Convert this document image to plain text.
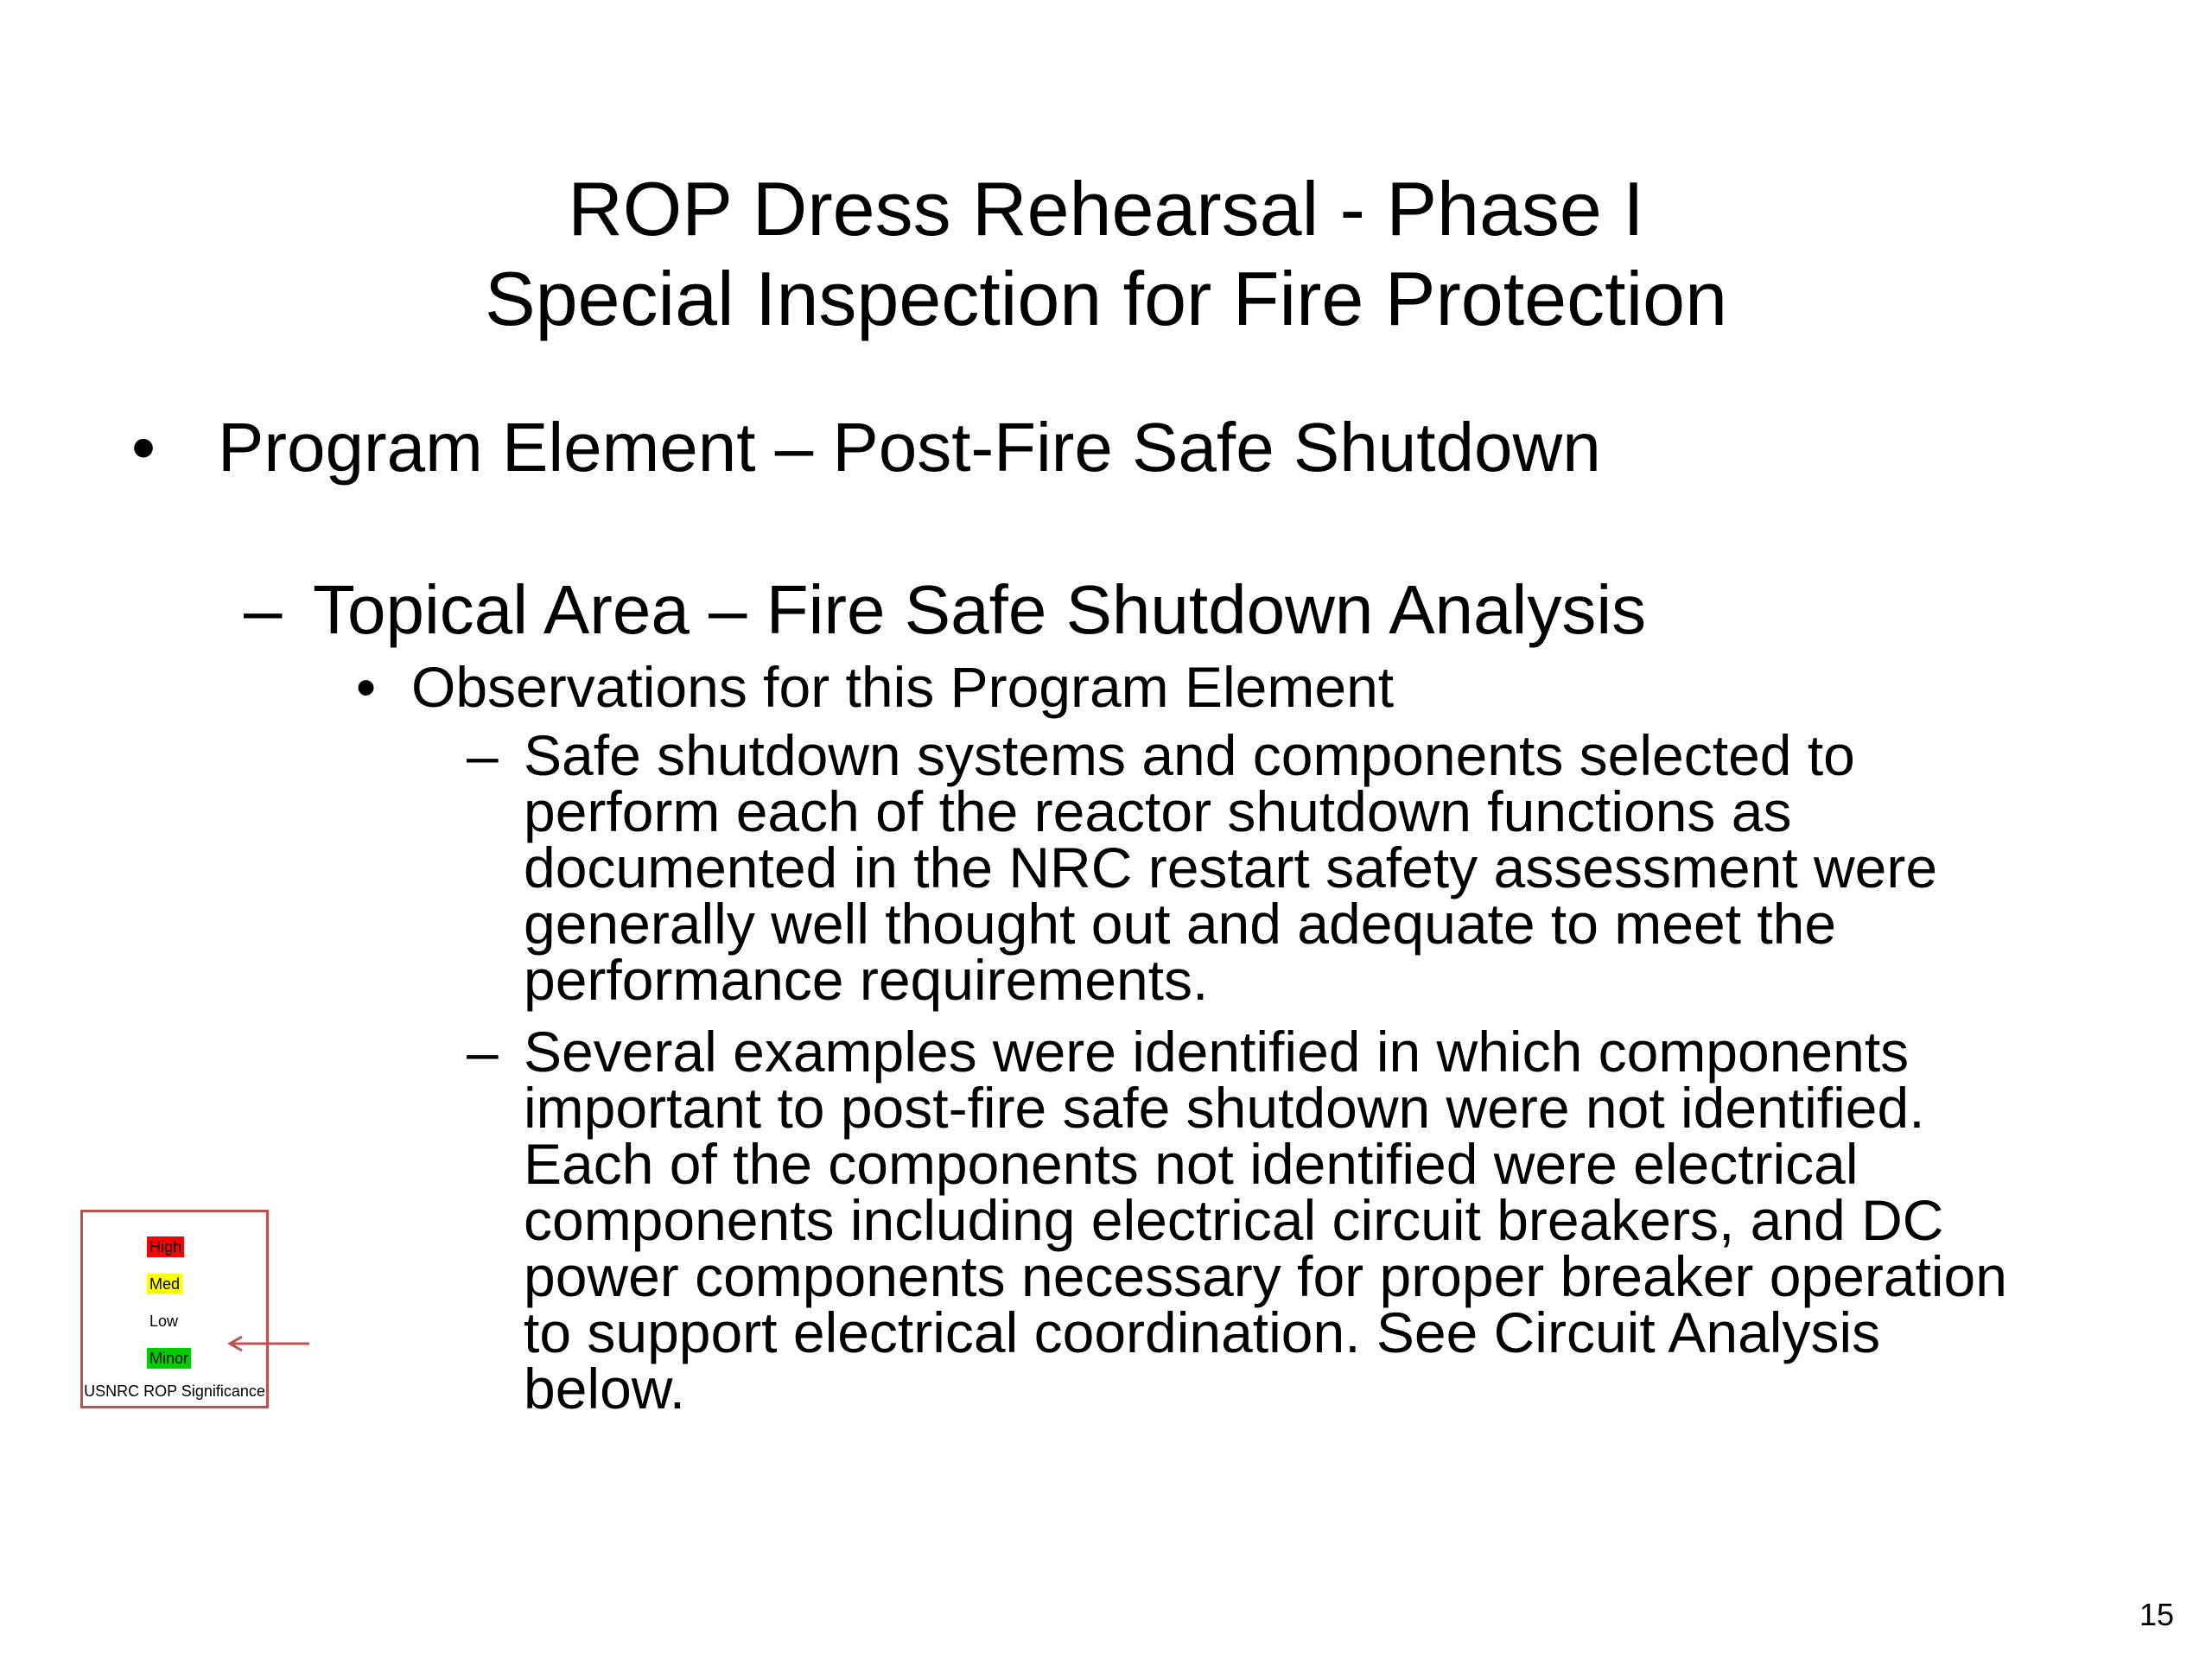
ROP Dress Rehearsal - Phase I
Special Inspection for Fire Protection
• Program Element – Post-Fire Safe Shutdown
– Topical Area – Fire Safe Shutdown Analysis
• Observations for this Program Element
– Safe shutdown systems and components selected to
perform each of the reactor shutdown functions as
documented in the NRC restart safety assessment were
generally well thought out and adequate to meet the
performance requirements.
– Several examples were identified in which components
important to post-fire safe shutdown were not identified.
Each of the components not identified were electrical
components including electrical circuit breakers, and DC
power components necessary for proper breaker operation
to support electrical coordination. See Circuit Analysis
below.
High
Med
Low
Minor
USNRC ROP Significance
15
